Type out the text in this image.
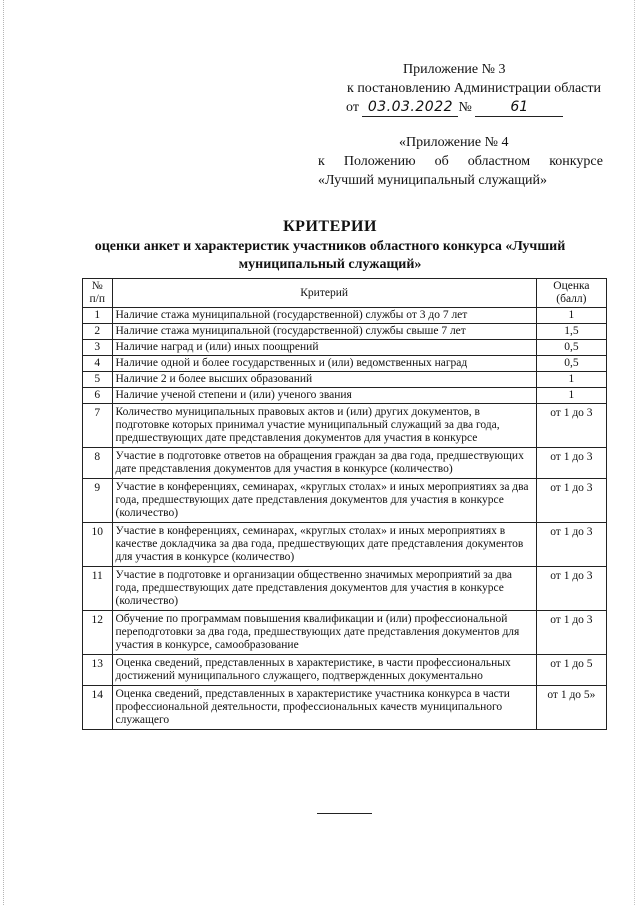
Приложение № 3
к постановлению Администрации области
от 03.03.2022 №	61
«Приложение № 4
к Положению об областном конкурсе
«Лучший муниципальный служащий»
КРИТЕРИИ
оценки анкет и характеристик участников областного конкурса «Лучший муниципальный служащий»
№ п/п	Критерий	Оценка (балл)
1	Наличие стажа муниципальной (государственной) службы от 3 до 7 лет	1
2	Наличие стажа муниципальной (государственной) службы свыше 7 лет	1,5
3	Наличие наград и (или) иных поощрений	0,5
4	Наличие одной и более государственных и (или) ведомственных наград	0,5
5	Наличие 2 и более высших образований	1
6	Наличие ученой степени и (или) ученого звания	1
7	Количество муниципальных правовых актов и (или) других документов, в подготовке которых принимал участие муниципальный служащий за два года, предшествующих дате представления документов для участия в конкурсе	от 1 до 3
8	Участие в подготовке ответов на обращения граждан за два года, предшествующих дате представления документов для участия в конкурсе (количество)	от 1 до 3
9	Участие в конференциях, семинарах, «круглых столах» и иных мероприятиях за два года, предшествующих дате представления документов для участия в конкурсе (количество)	от 1 до 3
10	Участие в конференциях, семинарах, «круглых столах» и иных мероприятиях в качестве докладчика за два года, предшествующих дате представления документов для участия в конкурсе (количество)	от 1 до 3
11	Участие в подготовке и организации общественно значимых мероприятий за два года, предшествующих дате представления документов для участия в конкурсе (количество)	от 1 до 3
12	Обучение по программам повышения квалификации и (или) профессиональной переподготовки за два года, предшествующих дате представления документов для участия в конкурсе, самообразование	от 1 до 3
13	Оценка сведений, представленных в характеристике, в части профессиональных достижений муниципального служащего, подтвержденных документально	от 1 до 5
14	Оценка сведений, представленных в характеристике участника конкурса в части профессиональной деятельности, профессиональных качеств муниципального служащего	от 1 до 5»
